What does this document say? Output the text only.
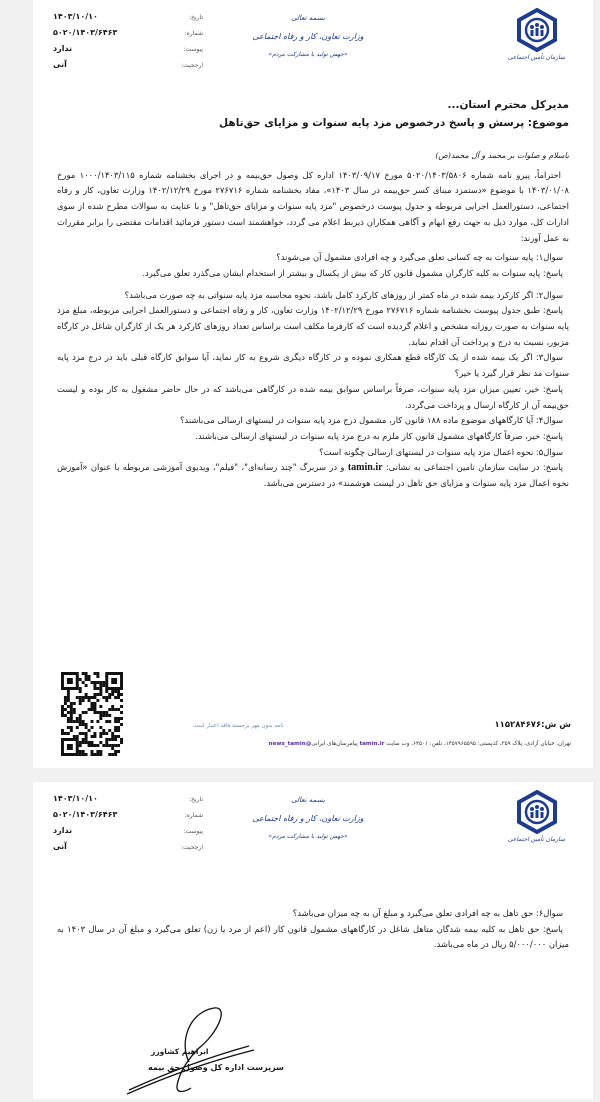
سازمان تأمین اجتماعی
بسمه تعالی
وزارت تعاون، کار و رفاه اجتماعی
«جهش تولید با مشارکت مردم»
تاریخ:
۱۴۰۳/۱۰/۱۰
شماره:
۵۰۲۰/۱۴۰۳/۶۴۶۳
پیوست:
ندارد
ارجحیت:
آنی
مدیرکل محترم استان...
موضوع: پرسش و پاسخ درخصوص مزد پایه سنوات و مزایای حق‌تاهل
باسلام و صلوات بر محمد و آل محمد(ص)

احتراماً، پیرو نامه شماره ۵۰۲۰/۱۴۰۳/۵۸۰۶ مورخ ۱۴۰۳/۰۹/۱۷ اداره کل وصول حق‌بیمه و در اجرای بخشنامه شماره ۱۰۰۰/۱۴۰۳/۱۱۵ مورخ ۱۴۰۳/۰۱/۰۸ با موضوع «دستمزد مبنای کسر حق‌بیمه در سال ۱۴۰۳»، مفاد بخشنامه شماره ۲۷۶۷۱۶ مورخ ۱۴۰۲/۱۲/۲۹ وزارت تعاون، کار و رفاه اجتماعی، دستورالعمل اجرایی مربوطه و جدول پیوست درخصوص "مزد پایه سنوات و مزایای حق‌تاهل" و با عنایت به سوالات مطرح شده از سوی ادارات کل، موارد ذیل به جهت رفع ابهام و آگاهی همکاران ذیربط اعلام می گردد، خواهشمند است دستور فرمائید اقدامات مقتضی را برابر مقررات به عمل آورند:

سوال۱: پایه سنوات به چه کسانی تعلق می‌گیرد و چه افرادی مشمول آن می‌شوند؟

پاسخ: پایه سنوات به کلیه کارگران مشمول قانون کار که بیش از یکسال و بیشتر از استخدام ایشان می‌گذرد تعلق می‌گیرد.

سوال۲: اگر کارکرد بیمه شده در ماه کمتر از روزهای کارکرد کامل باشد، نحوه محاسبه مزد پایه سنواتی به چه صورت می‌باشد؟

پاسخ: طبق جدول پیوست بخشنامه شماره ۲۷۶۷۱۶ مورخ ۱۴۰۲/۱۲/۲۹ وزارت تعاون، کار و رفاه اجتماعی و دستورالعمل اجرایی مربوطه، مبلغ مزد پایه سنوات به صورت روزانه مشخص و اعلام گردیده است که کارفرما مکلف است براساس تعداد روزهای کارکرد هر یک از کارگران شاغل در کارگاه مزبور، نسبت به درج و پرداخت آن اقدام نماید.

سوال۳: اگر یک بیمه شده از یک کارگاه قطع همکاری نموده و در کارگاه دیگری شروع به کار نماید، آیا سوابق کارگاه قبلی باید در درج مزد پایه سنوات مد نظر قرار گیرد یا خیر؟

پاسخ: خیر، تعیین میزان مزد پایه سنوات، صرفاً براساس سوابق بیمه شده در کارگاهی می‌باشد که در حال حاضر مشغول به کار بوده و لیست حق‌بیمه آن از کارگاه ارسال و پرداخت می‌گردد.

سوال۴: آیا کارگاههای موضوع ماده ۱۸۸ قانون کار، مشمول درج مزد پایه سنوات در لیستهای ارسالی می‌باشند؟

پاسخ: خیر، صرفاً کارگاههای مشمول قانون کار ملزم به درج مزد پایه سنوات در لیستهای ارسالی می‌باشند.

سوال۵: نحوه اعمال مزد پایه سنوات در لیستهای ارسالی چگونه است؟

پاسخ: در سایت سازمان تامین اجتماعی به نشانی: tamin.ir و در سربرگ "چند رسانه‌ای"، "فیلم"، ویدیوی آموزشی مربوطه با عنوان «آموزش نحوه اعمال مزد پایه سنوات و مزایای حق تاهل در لیست هوشمند» در دسترس می‌باشد.

ش ش:۱۱۵۲۸۴۶۷۶
نامه بدون مهر برجسته فاقد اعتبار است
تهران، خیابان آزادی، پلاک ۳۵۹، کدپستی: ۱۴۵۷۹۶۵۵۹۵، تلفن: ۶۴۵۰۱، وب سایت tamin.ir پیامرسان‌های ایرانی@news_tamin
سازمان تأمین اجتماعی
بسمه تعالی
وزارت تعاون، کار و رفاه اجتماعی
«جهش تولید با مشارکت مردم»
تاریخ:
۱۴۰۳/۱۰/۱۰
شماره:
۵۰۲۰/۱۴۰۳/۶۴۶۳
پیوست:
ندارد
ارجحیت:
آنی

سوال۶: حق تاهل به چه افرادی تعلق می‌گیرد و مبلغ آن به چه میزان می‌باشد؟

پاسخ: حق تاهل به کلیه بیمه شدگان متاهل شاغل در کارگاههای مشمول قانون کار (اعم از مرد یا زن) تعلق می‌گیرد و مبلغ آن در سال ۱۴۰۳ به میزان ۵/۰۰۰/۰۰۰ ریال در ماه می‌باشد.

ابراهیم کشاورز
سرپرست اداره کل وصول حق بیمه
